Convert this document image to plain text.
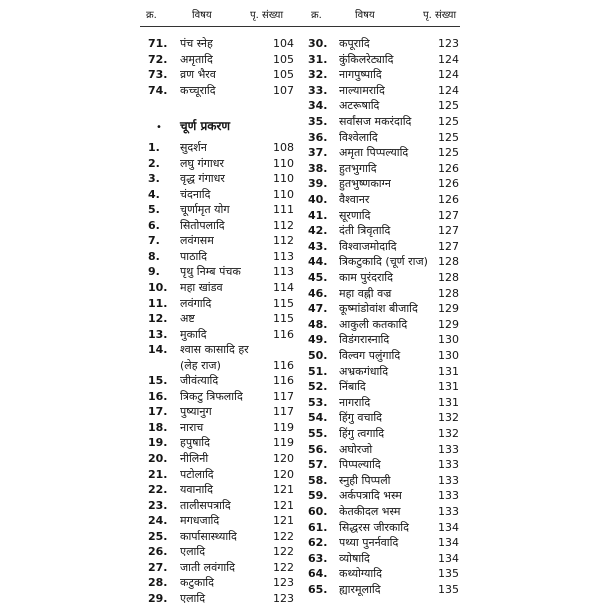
क्र.	विषय	पृ. संख्या
71.	पंच स्नेह	104
72.	अमृतादि	105
73.	व्रण भैरव	105
74.	कच्चूरादि	107
• चूर्ण प्रकरण
1.	सुदर्शन	108
2.	लघु गंगाधर	110
3.	वृद्ध गंगाधर	110
4.	चंदनादि	110
5.	चूर्णामृत योग	111
6.	सितोपलादि	112
7.	लवंगसम	112
8.	पाठादि	113
9.	पृथु निम्ब पंचक	113
10.	महा खांडव	114
11.	लवंगादि	115
12.	अष्ट	115
13.	मुकादि	116
14.	श्वास कासादि हर
(लेह राज)	116
15.	जीवंत्यादि	116
16.	त्रिकटु त्रिफलादि	117
17.	पुष्यानुग	117
18.	नाराच	119
19.	हपुषादि	119
20.	नीलिनी	120
21.	पटोलादि	120
22.	यवानादि	121
23.	तालीसपत्रादि	121
24.	मगधजादि	121
25.	कार्पासास्थ्यादि	122
26.	एलादि	122
27.	जाती लवंगादि	122
28.	कटुकादि	123
29.	एलादि	123
क्र.	विषय	पृ. संख्या
30.	कपूरादि	123
31.	कुंकिलरेट्यादि	124
32.	नागपुष्पादि	124
33.	नाल्यामरादि	124
34.	अटरूषादि	125
35.	सर्वांसज मकरंदादि	125
36.	विश्वेलादि	125
37.	अमृता पिप्पल्यादि	125
38.	हुतभुगादि	126
39.	हुतभुष्णकाग्न	126
40.	वैश्वानर	126
41.	सूरणादि	127
42.	दंती त्रिवृतादि	127
43.	विश्वाजमोदादि	127
44.	त्रिकटुकादि (चूर्ण राज) 128
45.	काम पुरंदरादि	128
46.	महा वह्नी वज्र	128
47.	कूष्मांडोवांश बीजादि	129
48.	आकुली कतकादि	129
49.	विडंगरास्नादि	130
50.	विल्वग पलुंगादि	130
51.	अभ्रकगंधादि	131
52.	निंबादि	131
53.	नागरादि	131
54.	हिंगु वचादि	132
55.	हिंगु त्वगादि	132
56.	अघोरजो	133
57.	पिप्पल्यादि	133
58.	स्नुही पिप्पली	133
59.	अर्कपत्रादि भस्म	133
60.	केतकीदल भस्म	133
61.	सिद्धरस जीरकादि	134
62.	पथ्या पुनर्नवादि	134
63.	व्योषादि	134
64.	कथ्योग्यादि	135
65.	ह्यारमूलादि	135
